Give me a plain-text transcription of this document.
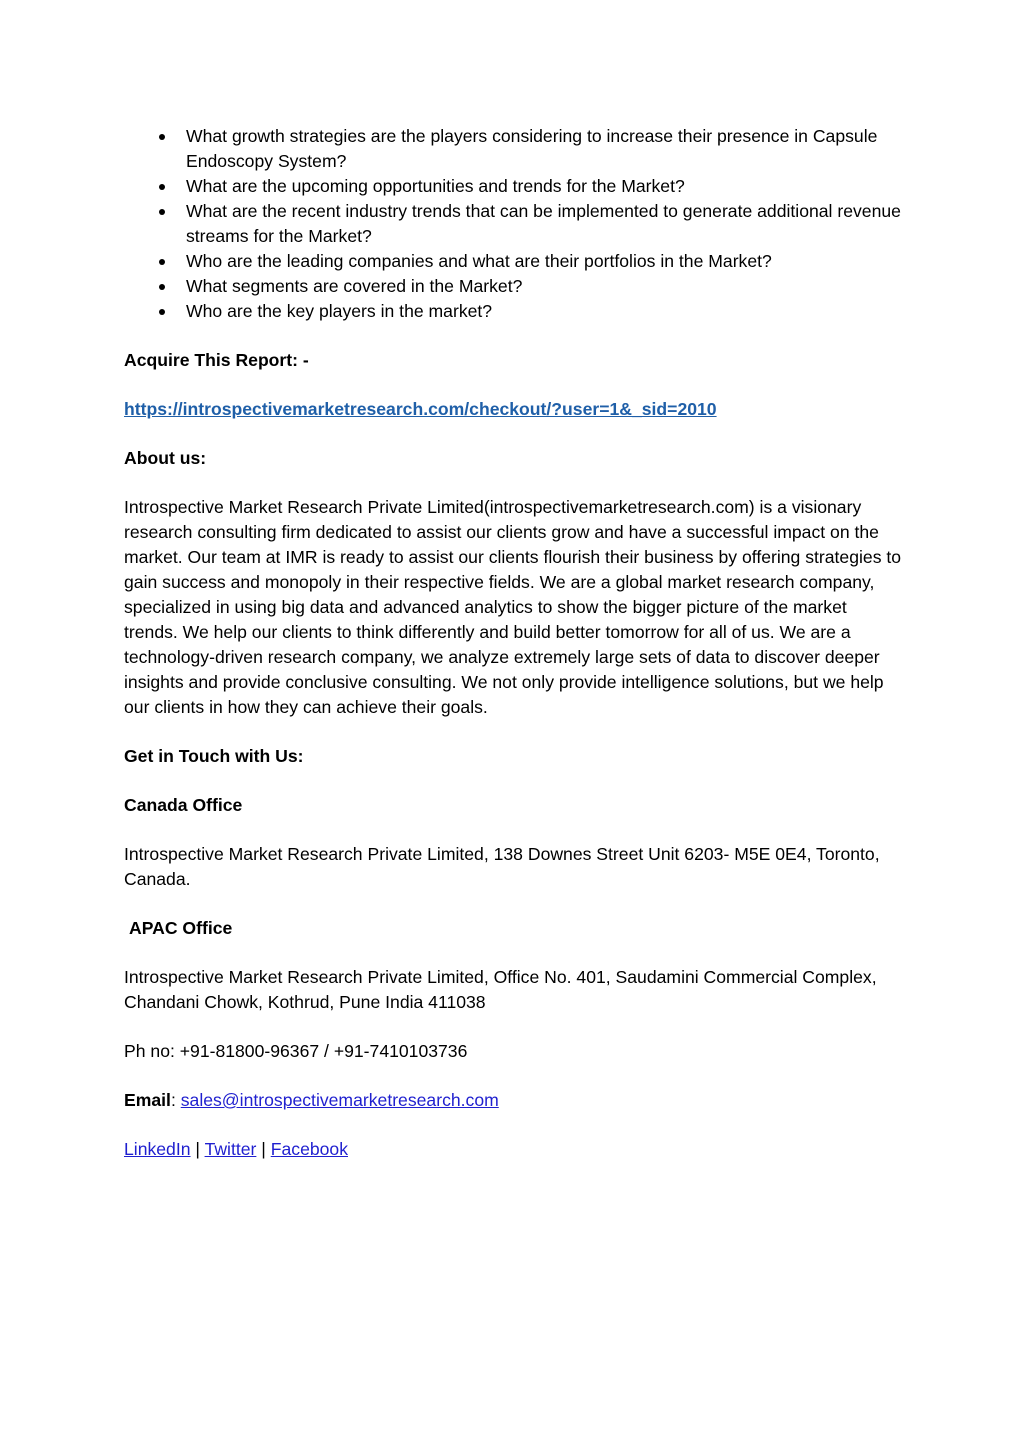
What growth strategies are the players considering to increase their presence in Capsule Endoscopy System?
What are the upcoming opportunities and trends for the Market?
What are the recent industry trends that can be implemented to generate additional revenue streams for the Market?
Who are the leading companies and what are their portfolios in the Market?
What segments are covered in the Market?
Who are the key players in the market?

Acquire This Report: -

https://introspectivemarketresearch.com/checkout/?user=1&_sid=2010

About us:

Introspective Market Research Private Limited(introspectivemarketresearch.com) is a visionary research consulting firm dedicated to assist our clients grow and have a successful impact on the market. Our team at IMR is ready to assist our clients flourish their business by offering strategies to gain success and monopoly in their respective fields. We are a global market research company, specialized in using big data and advanced analytics to show the bigger picture of the market trends. We help our clients to think differently and build better tomorrow for all of us. We are a technology-driven research company, we analyze extremely large sets of data to discover deeper insights and provide conclusive consulting. We not only provide intelligence solutions, but we help our clients in how they can achieve their goals.

Get in Touch with Us:

Canada Office

Introspective Market Research Private Limited, 138 Downes Street Unit 6203- M5E 0E4, Toronto, Canada.

APAC Office

Introspective Market Research Private Limited, Office No. 401, Saudamini Commercial Complex, Chandani Chowk, Kothrud, Pune India 411038

Ph no: +91-81800-96367 / +91-7410103736

Email: sales@introspectivemarketresearch.com

LinkedIn | Twitter | Facebook
